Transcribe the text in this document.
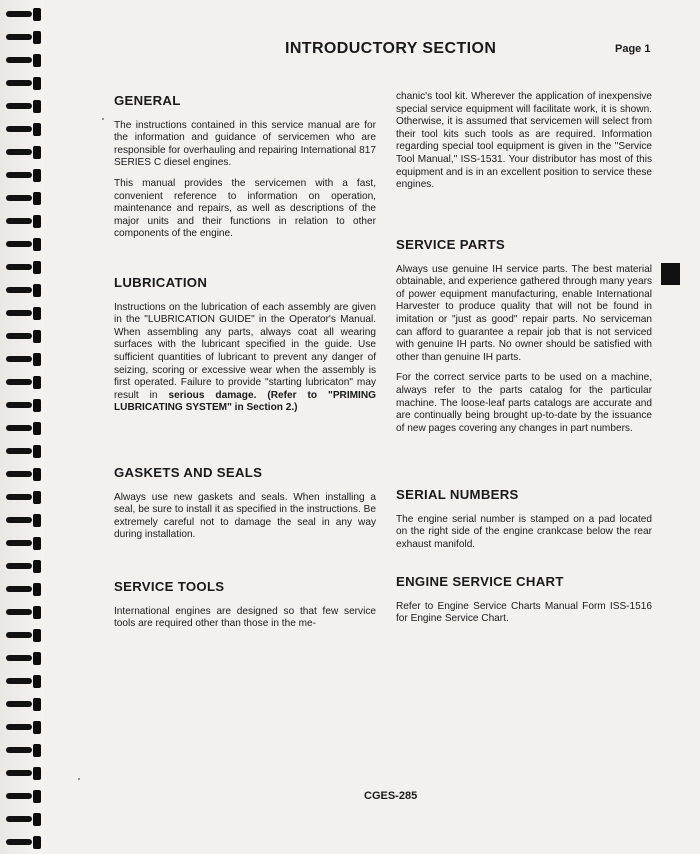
INTRODUCTORY SECTION	Page 1
GENERAL

The instructions contained in this service manual are for the information and guidance of servicemen who are responsible for overhauling and repairing International 817 SERIES C diesel engines.

This manual provides the servicemen with a fast, convenient reference to information on operation, maintenance and repairs, as well as descriptions of the major units and their functions in relation to other components of the engine.

LUBRICATION

Instructions on the lubrication of each assembly are given in the "LUBRICATION GUIDE" in the Operator's Manual. When assembling any parts, always coat all wearing surfaces with the lubricant specified in the guide. Use sufficient quantities of lubricant to prevent any danger of seizing, scoring or excessive wear when the assembly is first operated. Failure to provide "starting lubricaton" may result in serious damage. (Refer to "PRIMING LUBRICATING SYSTEM" in Section 2.)

GASKETS AND SEALS

Always use new gaskets and seals. When installing a seal, be sure to install it as specified in the instructions. Be extremely careful not to damage the seal in any way during installation.

SERVICE TOOLS

International engines are designed so that few service tools are required other than those in the me-

chanic's tool kit. Wherever the application of inexpensive special service equipment will facilitate work, it is shown. Otherwise, it is assumed that servicemen will select from their tool kits such tools as are required. Information regarding special tool equipment is given in the "Service Tool Manual," ISS-1531. Your distributor has most of this equipment and is in an excellent position to service these engines.

SERVICE PARTS

Always use genuine IH service parts. The best material obtainable, and experience gathered through many years of power equipment manufacturing, enable International Harvester to produce quality that will not be found in imitation or "just as good" repair parts. No serviceman can afford to guarantee a repair job that is not serviced with genuine IH parts. No owner should be satisfied with other than genuine IH parts.

For the correct service parts to be used on a machine, always refer to the parts catalog for the particular machine. The loose-leaf parts catalogs are accurate and are continually being brought up-to-date by the issuance of new pages covering any changes in part numbers.

SERIAL NUMBERS

The engine serial number is stamped on a pad located on the right side of the engine crankcase below the rear exhaust manifold.

ENGINE SERVICE CHART

Refer to Engine Service Charts Manual Form ISS-1516 for Engine Service Chart.

CGES-285
